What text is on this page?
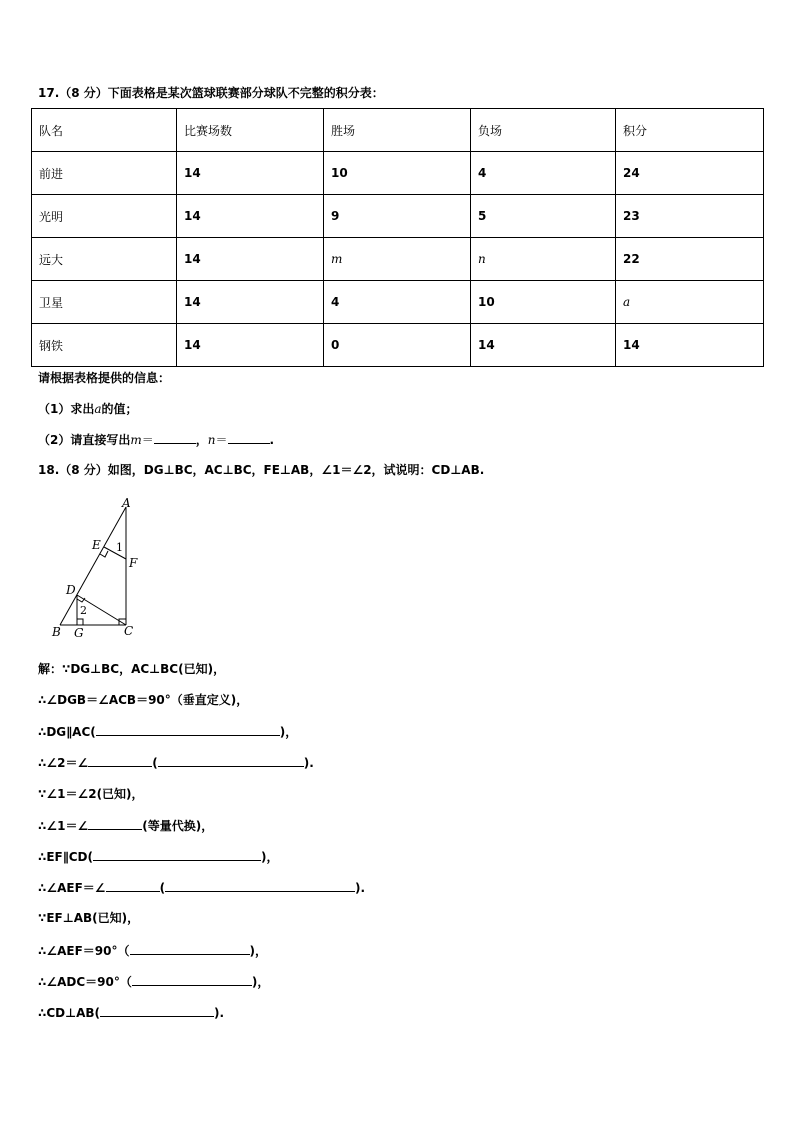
17.（8 分）下面表格是某次篮球联赛部分球队不完整的积分表：
队名	比赛场数	胜场	负场	积分
前进	14	10	4	24
光明	14	9	5	23
远大	14	m	n	22
卫星	14	4	10	a
钢铁	14	0	14	14
请根据表格提供的信息：
（1）求出a的值；
（2）请直接写出m＝	，n＝	.
18.（8 分）如图，DG⊥BC，AC⊥BC，FE⊥AB，∠1＝∠2，试说明：CD⊥AB.
A
E 1
F
D
2
B G	C
解：∵DG⊥BC，AC⊥BC(已知)，
∴∠DGB＝∠ACB＝90°（垂直定义)，
∴DG∥AC(	)，
∴∠2＝∠	(	).
∵∠1＝∠2(已知)，
∴∠1＝∠	(等量代换)，
∴EF∥CD(	)，
∴∠AEF＝∠	(	).
∵EF⊥AB(已知)，
∴∠AEF＝90°（	)，
∴∠ADC＝90°（	)，
∴CD⊥AB(	).
